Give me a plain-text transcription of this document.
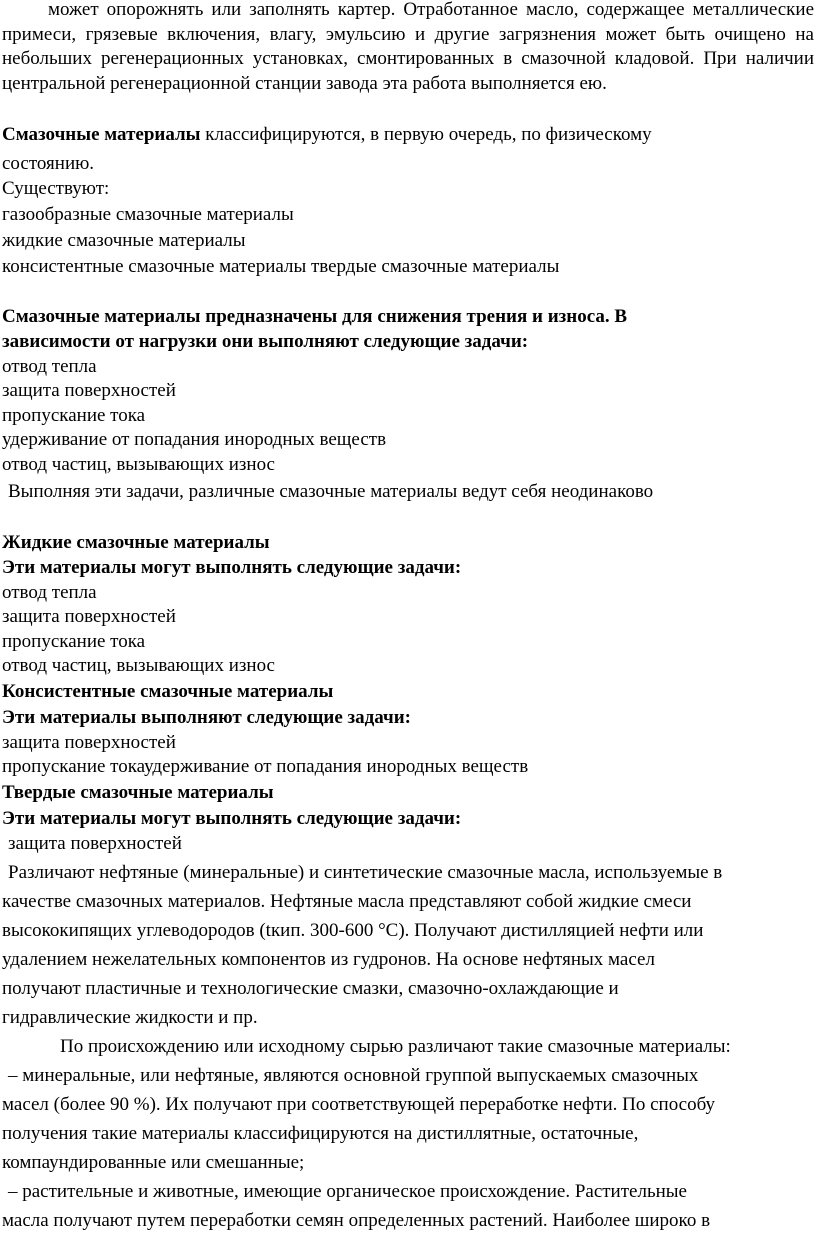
может опорожнять или заполнять картер. Отработанное масло, содержащее металлические примеси, грязевые включения, влагу, эмульсию и другие загрязнения может быть очищено на небольших регенерационных установках, смонтированных в смазочной кладовой. При наличии центральной регенерационной станции завода эта работа выполняется ею.

Смазочные материалы классифицируются, в первую очередь, по физическому
состоянию.
Существуют:
газообразные смазочные материалы
жидкие смазочные материалы
консистентные смазочные материалы твердые смазочные материалы
Смазочные материалы предназначены для снижения трения и износа. В
зависимости от нагрузки они выполняют следующие задачи:
отвод тепла
защита поверхностей
пропускание тока
удерживание от попадания инородных веществ
отвод частиц, вызывающих износ
Выполняя эти задачи, различные смазочные материалы ведут себя неодинаково
Жидкие смазочные материалы
Эти материалы могут выполнять следующие задачи:
отвод тепла
защита поверхностей
пропускание тока
отвод частиц, вызывающих износ
Консистентные смазочные материалы
Эти материалы выполняют следующие задачи:
защита поверхностей
пропускание токаудерживание от попадания инородных веществ
Твердые смазочные материалы
Эти материалы могут выполнять следующие задачи:
защита поверхностей
Различают нефтяные (минеральные) и синтетические смазочные масла, используемые в
качестве смазочных материалов. Нефтяные масла представляют собой жидкие смеси
высококипящих углеводородов (tкип. 300-600 °С). Получают дистилляцией нефти или
удалением нежелательных компонентов из гудронов. На основе нефтяных масел
получают пластичные и технологические смазки, смазочно-охлаждающие и
гидравлические жидкости и пр.
По происхождению или исходному сырью различают такие смазочные материалы:
– минеральные, или нефтяные, являются основной группой выпускаемых смазочных
масел (более 90 %). Их получают при соответствующей переработке нефти. По способу
получения такие материалы классифицируются на дистиллятные, остаточные,
компаундированные или смешанные;
– растительные и животные, имеющие органическое происхождение. Растительные
масла получают путем переработки семян определенных растений. Наиболее широко в
